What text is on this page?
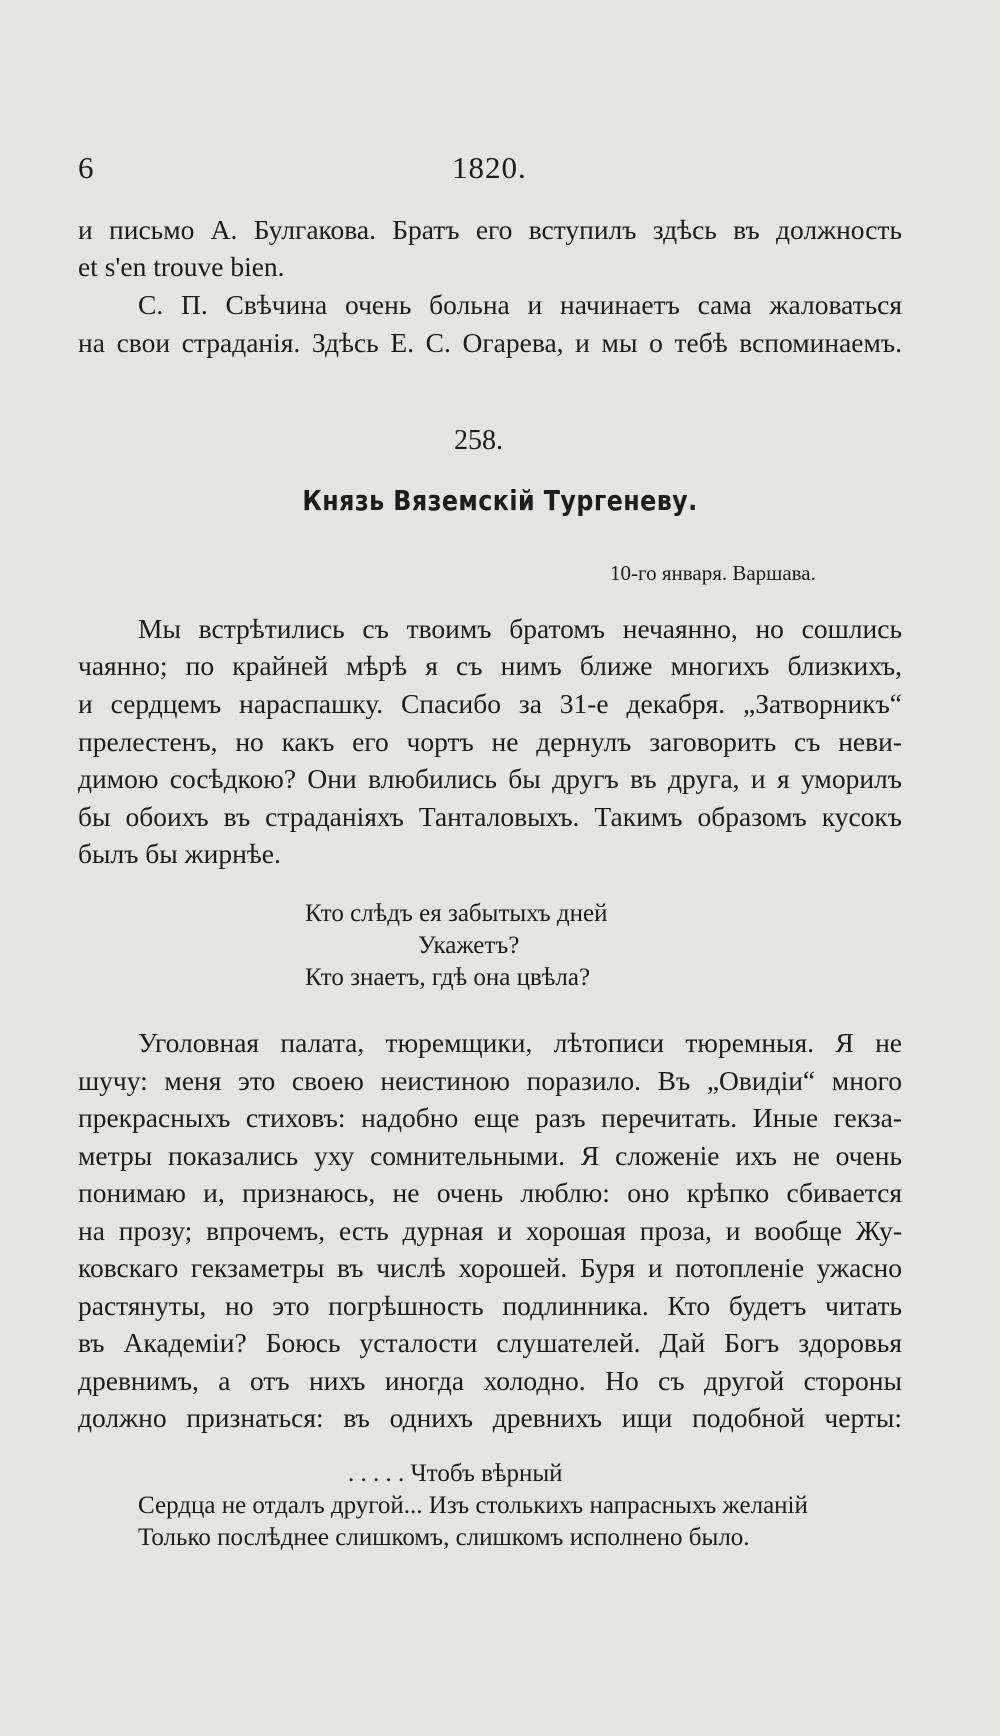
6	1820.
и письмо А. Булгакова. Братъ его вступилъ здѣсь въ должность
et s'en trouve bien.
С. П. Свѣчина очень больна и начинаетъ сама жаловаться
на свои страданія. Здѣсь Е. С. Огарева, и мы о тебѣ вспоминаемъ.
258.
Князь Вяземскій Тургеневу.
10-го января. Варшава.
Мы встрѣтились съ твоимъ братомъ нечаянно, но сошлись
чаянно; по крайней мѣрѣ я съ нимъ ближе многихъ близкихъ,
и сердцемъ нараспашку. Спасибо за 31-е декабря. „Затворникъ“
прелестенъ, но какъ его чортъ не дернулъ заговорить съ неви-
димою сосѣдкою? Они влюбились бы другъ въ друга, и я уморилъ
бы обоихъ въ страданіяхъ Танталовыхъ. Такимъ образомъ кусокъ
былъ бы жирнѣе.
Кто слѣдъ ея забытыхъ дней
Укажетъ?
Кто знаетъ, гдѣ она цвѣла?
Уголовная палата, тюремщики, лѣтописи тюремныя. Я не
шучу: меня это своею неистиною поразило. Въ „Овидіи“ много
прекрасныхъ стиховъ: надобно еще разъ перечитать. Иные гекза-
метры показались уху сомнительными. Я сложеніе ихъ не очень
понимаю и, признаюсь, не очень люблю: оно крѣпко сбивается
на прозу; впрочемъ, есть дурная и хорошая проза, и вообще Жу-
ковскаго гекзаметры въ числѣ хорошей. Буря и потопленіе ужасно
растянуты, но это погрѣшность подлинника. Кто будетъ читать
въ Академіи? Боюсь усталости слушателей. Дай Богъ здоровья
древнимъ, а отъ нихъ иногда холодно. Но съ другой стороны
должно признаться: въ однихъ древнихъ ищи подобной черты:
. . . . . Чтобъ вѣрный
Сердца не отдалъ другой... Изъ столькихъ напрасныхъ желаній
Только послѣднее слишкомъ, слишкомъ исполнено было.
